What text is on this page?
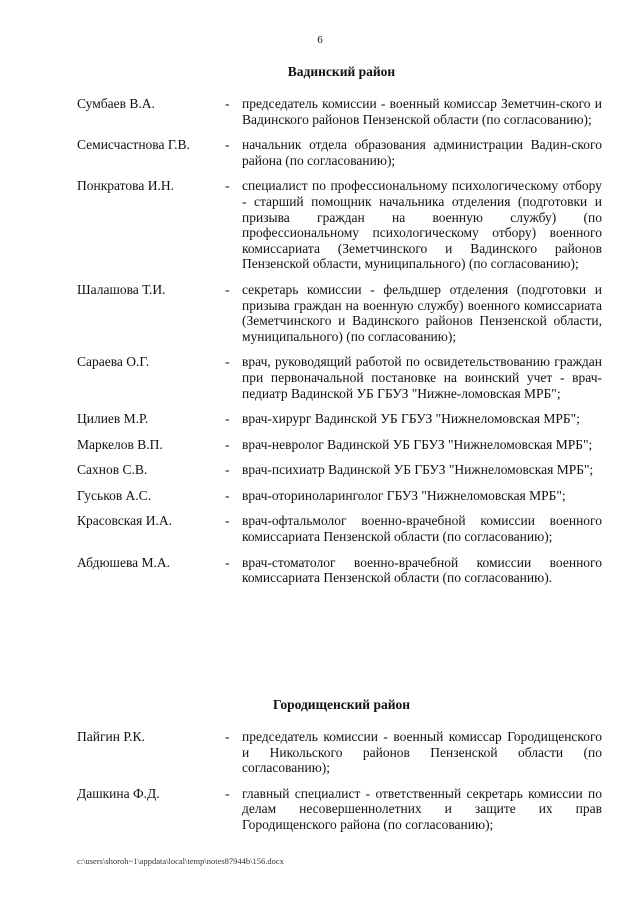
6
Вадинский район
Сумбаев В.А.	- председатель комиссии - военный комиссар Земетчин-ского и Вадинского районов Пензенской области (по согласованию);
Семисчастнова Г.В.	- начальник отдела образования администрации Вадин-ского района (по согласованию);
Понкратова И.Н.	- специалист по профессиональному психологическому отбору - старший помощник начальника отделения (подготовки и призыва граждан на военную службу) (по профессиональному психологическому отбору) военного комиссариата (Земетчинского и Вадинского районов Пензенской области, муниципального) (по согласованию);
Шалашова Т.И.	- секретарь комиссии - фельдшер отделения (подготовки и призыва граждан на военную службу) военного комиссариата (Земетчинского и Вадинского районов Пензенской области, муниципального) (по согласованию);
Сараева О.Г.	- врач, руководящий работой по освидетельствованию граждан при первоначальной постановке на воинский учет - врач-педиатр Вадинской УБ ГБУЗ "Нижне-ломовская МРБ";
Цилиев М.Р.	- врач-хирург Вадинской УБ ГБУЗ "Нижнеломовская МРБ";
Маркелов В.П.	- врач-невролог Вадинской УБ ГБУЗ "Нижнеломовская МРБ";
Сахнов С.В.	- врач-психиатр Вадинской УБ ГБУЗ "Нижнеломовская МРБ";
Гуськов А.С.	- врач-оториноларинголог ГБУЗ "Нижнеломовская МРБ";
Красовская И.А.	- врач-офтальмолог военно-врачебной комиссии военного комиссариата Пензенской области (по согласованию);
Абдюшева М.А.	- врач-стоматолог военно-врачебной комиссии военного комиссариата Пензенской области (по согласованию).
Городищенский район
Пайгин Р.К.	- председатель комиссии - военный комиссар Городищенского и Никольского районов Пензенской области (по согласованию);
Дашкина Ф.Д.	- главный специалист - ответственный секретарь комиссии по делам несовершеннолетних и защите их прав Городищенского района (по согласованию);
c:\users\shoroh~1\appdata\local\temp\notes87944b\156.docx
